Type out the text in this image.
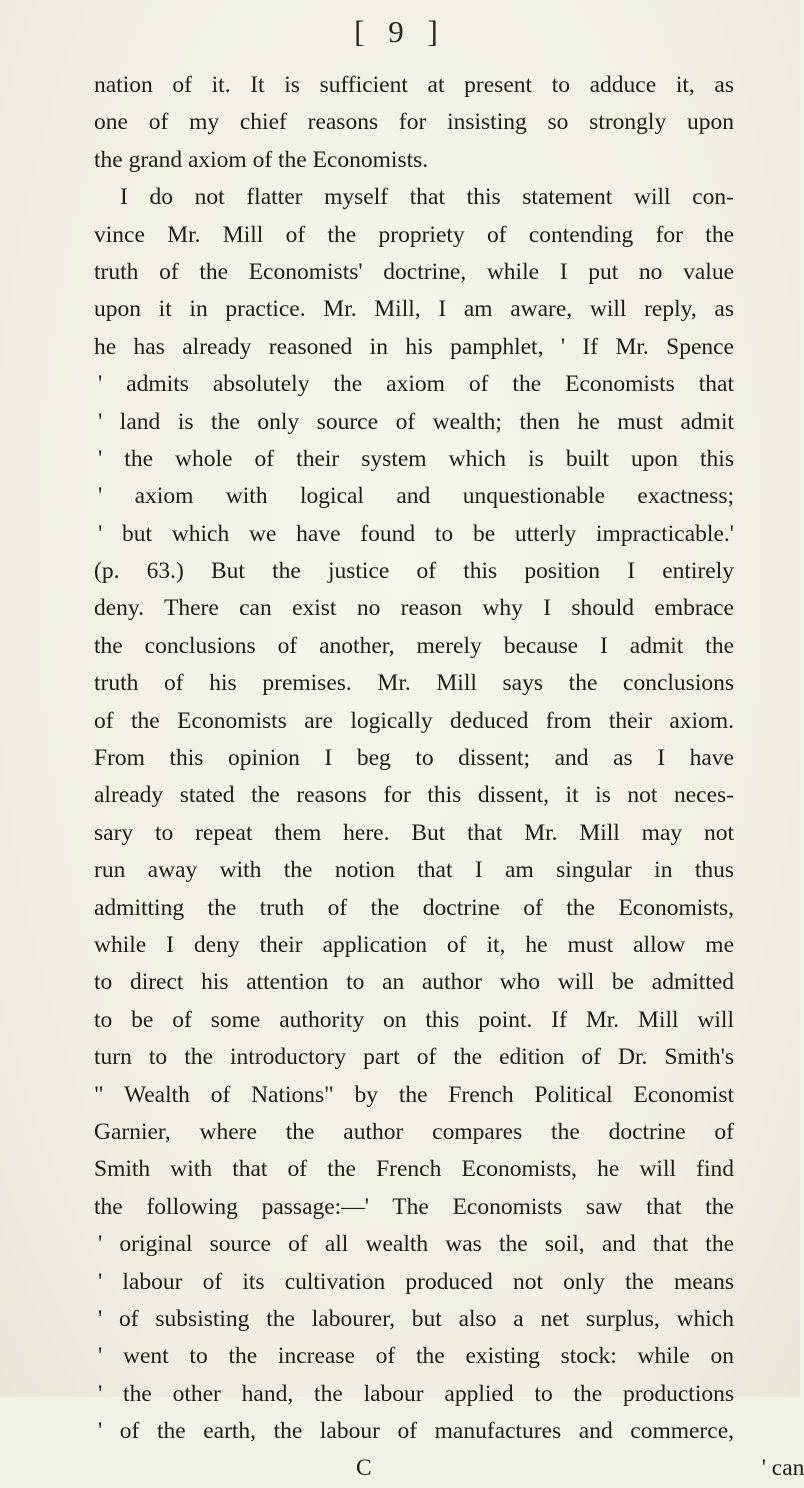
[ 9 ]
nation of it. It is sufficient at present to adduce it, as
one of my chief reasons for insisting so strongly upon
the grand axiom of the Economists.
I do not flatter myself that this statement will con-
vince Mr. Mill of the propriety of contending for the
truth of the Economists' doctrine, while I put no value
upon it in practice. Mr. Mill, I am aware, will reply, as
he has already reasoned in his pamphlet, ' If Mr. Spence
' admits absolutely the axiom of the Economists that
' land is the only source of wealth; then he must admit
' the whole of their system which is built upon this
' axiom with logical and unquestionable exactness;
' but which we have found to be utterly impracticable.'
(p. 63.) But the justice of this position I entirely
deny. There can exist no reason why I should embrace
the conclusions of another, merely because I admit the
truth of his premises. Mr. Mill says the conclusions
of the Economists are logically deduced from their axiom.
From this opinion I beg to dissent; and as I have
already stated the reasons for this dissent, it is not neces-
sary to repeat them here. But that Mr. Mill may not
run away with the notion that I am singular in thus
admitting the truth of the doctrine of the Economists,
while I deny their application of it, he must allow me
to direct his attention to an author who will be admitted
to be of some authority on this point. If Mr. Mill will
turn to the introductory part of the edition of Dr. Smith's
" Wealth of Nations" by the French Political Economist
Garnier, where the author compares the doctrine of
Smith with that of the French Economists, he will find
the following passage:—' The Economists saw that the
' original source of all wealth was the soil, and that the
' labour of its cultivation produced not only the means
' of subsisting the labourer, but also a net surplus, which
' went to the increase of the existing stock: while on
' the other hand, the labour applied to the productions
' of the earth, the labour of manufactures and commerce,
C	' can
